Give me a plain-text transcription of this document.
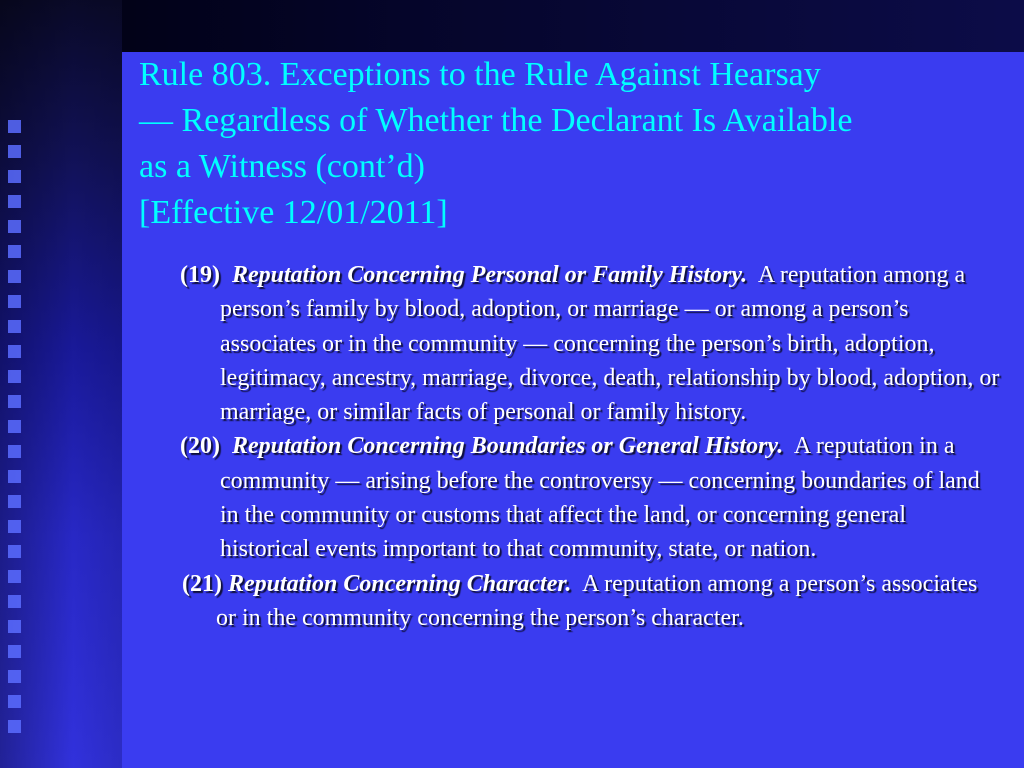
Rule 803. Exceptions to the Rule Against Hearsay
— Regardless of Whether the Declarant Is Available
as a Witness (cont’d)
[Effective 12/01/2011]

(19) Reputation Concerning Personal or Family History. A reputation among a person’s family by blood, adoption, or marriage — or among a person’s associates or in the community — concerning the person’s birth, adoption, legitimacy, ancestry, marriage, divorce, death, relationship by blood, adoption, or marriage, or similar facts of personal or family history.

(20) Reputation Concerning Boundaries or General History. A reputation in a community — arising before the controversy — concerning boundaries of land in the community or customs that affect the land, or concerning general historical events important to that community, state, or nation.

(21) Reputation Concerning Character. A reputation among a person’s associates or in the community concerning the person’s character.
